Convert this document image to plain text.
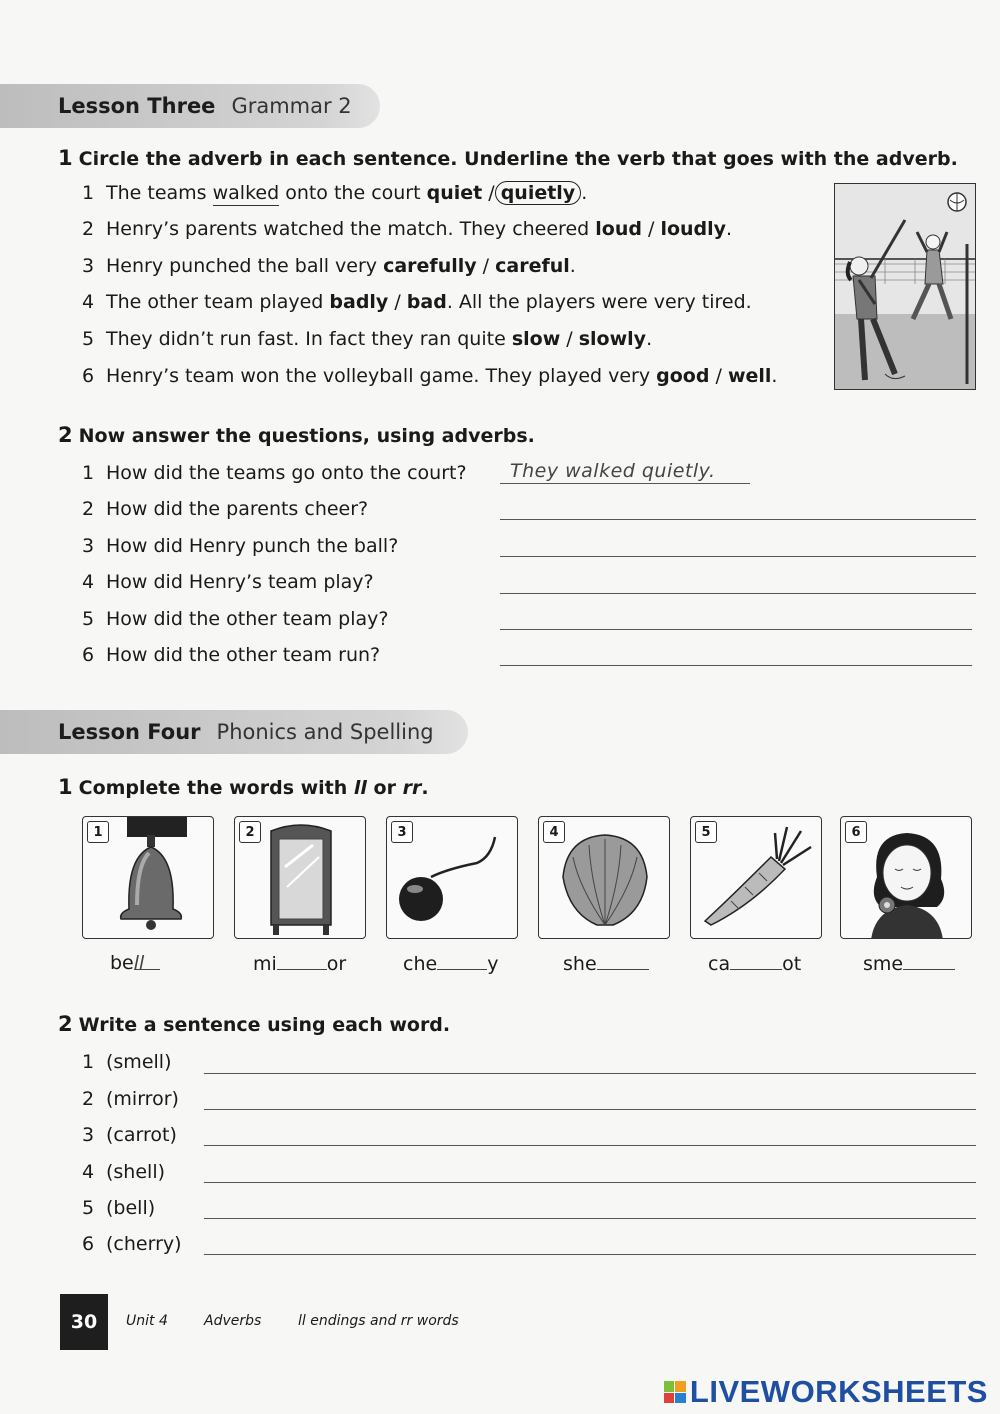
Lesson Three Grammar 2
1 Circle the adverb in each sentence. Underline the verb that goes with the adverb.
1 The teams walked onto the court quiet / quietly .
2 Henry’s parents watched the match. They cheered loud / loudly.
3 Henry punched the ball very carefully / careful.
4 The other team played badly / bad. All the players were very tired.
5 They didn’t run fast. In fact they ran quite slow / slowly.
6 Henry’s team won the volleyball game. They played very good / well.
2 Now answer the questions, using adverbs.
1 How did the teams go onto the court? They walked quietly.
2 How did the parents cheer?
3 How did Henry punch the ball?
4 How did Henry’s team play?
5 How did the other team play?
6 How did the other team run?
Lesson Four Phonics and Spelling
1 Complete the words with ll or rr.
1	2	3	4	5	6
bell	mi	or	che	y	she	ca	ot	sme
2 Write a sentence using each word.
1 (smell)
2 (mirror)
3 (carrot)
4 (shell)
5 (bell)
6 (cherry)
30	Unit 4	Adverbs	ll endings and rr words
LIVEWORKSHEETS
